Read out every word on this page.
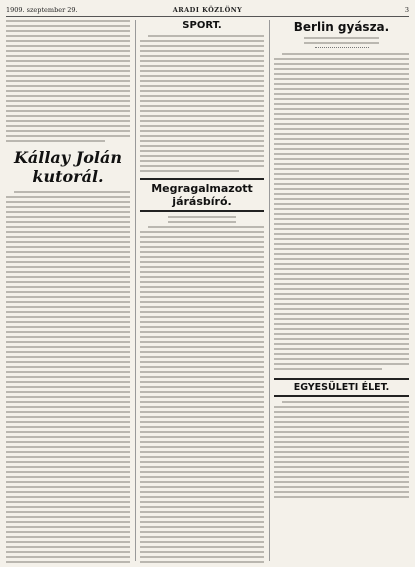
1909. szeptember 29.	ARADI KÖZLÖNY	3
Kállay Jolán kutorál.
SPORT.
Megragalmazott járásbíró.
Berlin gyásza.
EGYESÜLETI ÉLET.
